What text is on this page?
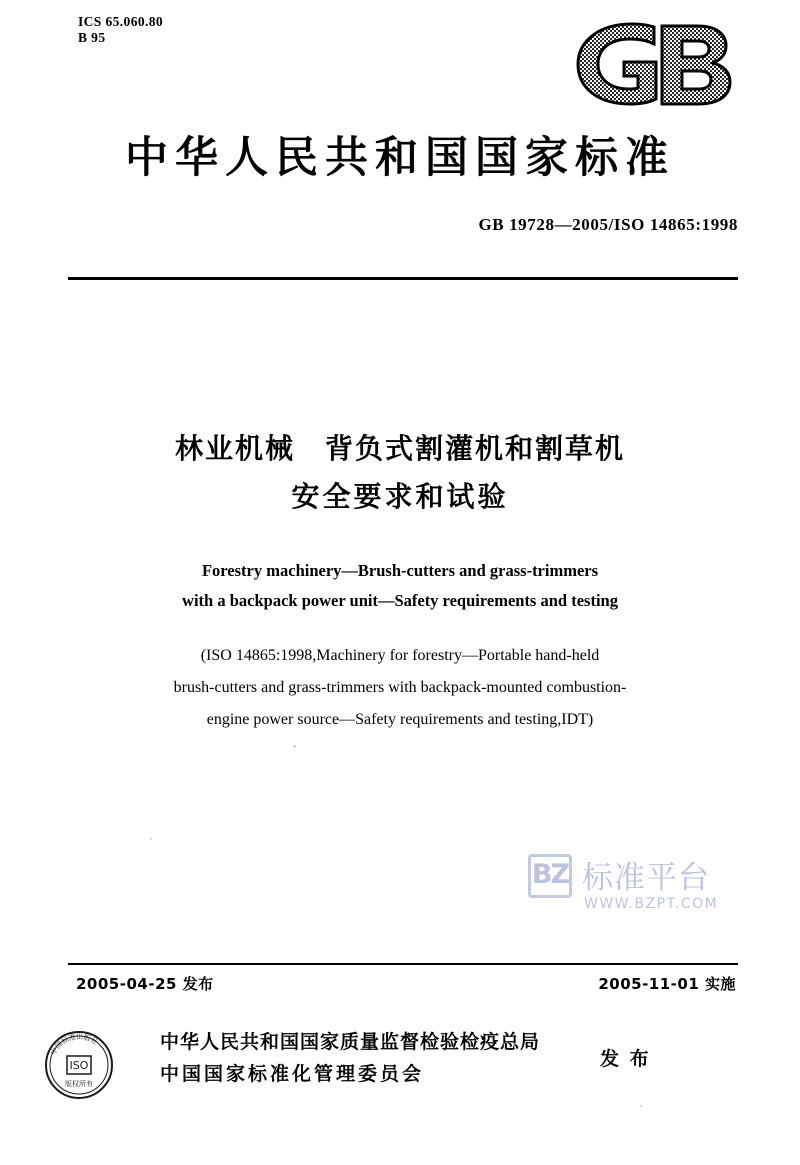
ICS 65.060.80
B 95
中华人民共和国国家标准
GB 19728—2005/ISO 14865:1998
林业机械　背负式割灌机和割草机
安全要求和试验
Forestry machinery—Brush-cutters and grass-trimmers
with a backpack power unit—Safety requirements and testing
(ISO 14865:1998,Machinery for forestry—Portable hand-held
brush-cutters and grass-trimmers with backpack-mounted combustion-
engine power source—Safety requirements and testing,IDT)
BZ 标准平台
WWW.BZPT.COM
2005-04-25 发布	2005-11-01 实施
中华人民共和国国家质量监督检验检疫总局
中国国家标准化管理委员会
发 布
ISO
版权所有
中国标准出版社
